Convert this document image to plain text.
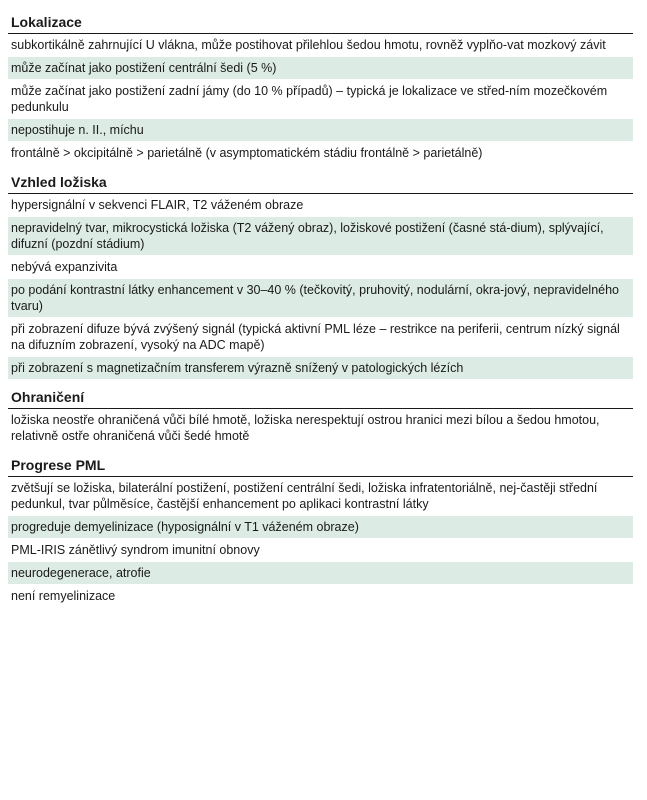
Lokalizace
subkortikálně zahrnující U vlákna, může postihovat přilehlou šedou hmotu, rovněž vyplňo-vat mozkový závit
může začínat jako postižení centrální šedi (5 %)
může začínat jako postižení zadní jámy (do 10 % případů) – typická je lokalizace ve střed-ním mozečkovém pedunkulu
nepostihuje n. II., míchu
frontálně > okcipitálně > parietálně (v asymptomatickém stádiu frontálně > parietálně)
Vzhled ložiska
hypersignální v sekvenci FLAIR, T2 váženém obraze
nepravidelný tvar, mikrocystická ložiska (T2 vážený obraz), ložiskové postižení (časné stá-dium), splývající, difuzní (pozdní stádium)
nebývá expanzivita
po podání kontrastní látky enhancement v 30–40 % (tečkovitý, pruhovitý, nodulární, okra-jový, nepravidelného tvaru)
při zobrazení difuze bývá zvýšený signál (typická aktivní PML léze – restrikce na periferii, centrum nízký signál na difuzním zobrazení, vysoký na ADC mapě)
při zobrazení s magnetizačním transferem výrazně snížený v patologických lézích
Ohraničení
ložiska neostře ohraničená vůči bílé hmotě, ložiska nerespektují ostrou hranici mezi bílou a šedou hmotou, relativně ostře ohraničená vůči šedé hmotě
Progrese PML
zvětšují se ložiska, bilaterální postižení, postižení centrální šedi, ložiska infratentoriálně, nej-častěji střední pedunkul, tvar půlměsíce, častější enhancement po aplikaci kontrastní látky
progreduje demyelinizace (hyposignální v T1 váženém obraze)
PML-IRIS zánětlivý syndrom imunitní obnovy
neurodegenerace, atrofie
není remyelinizace
